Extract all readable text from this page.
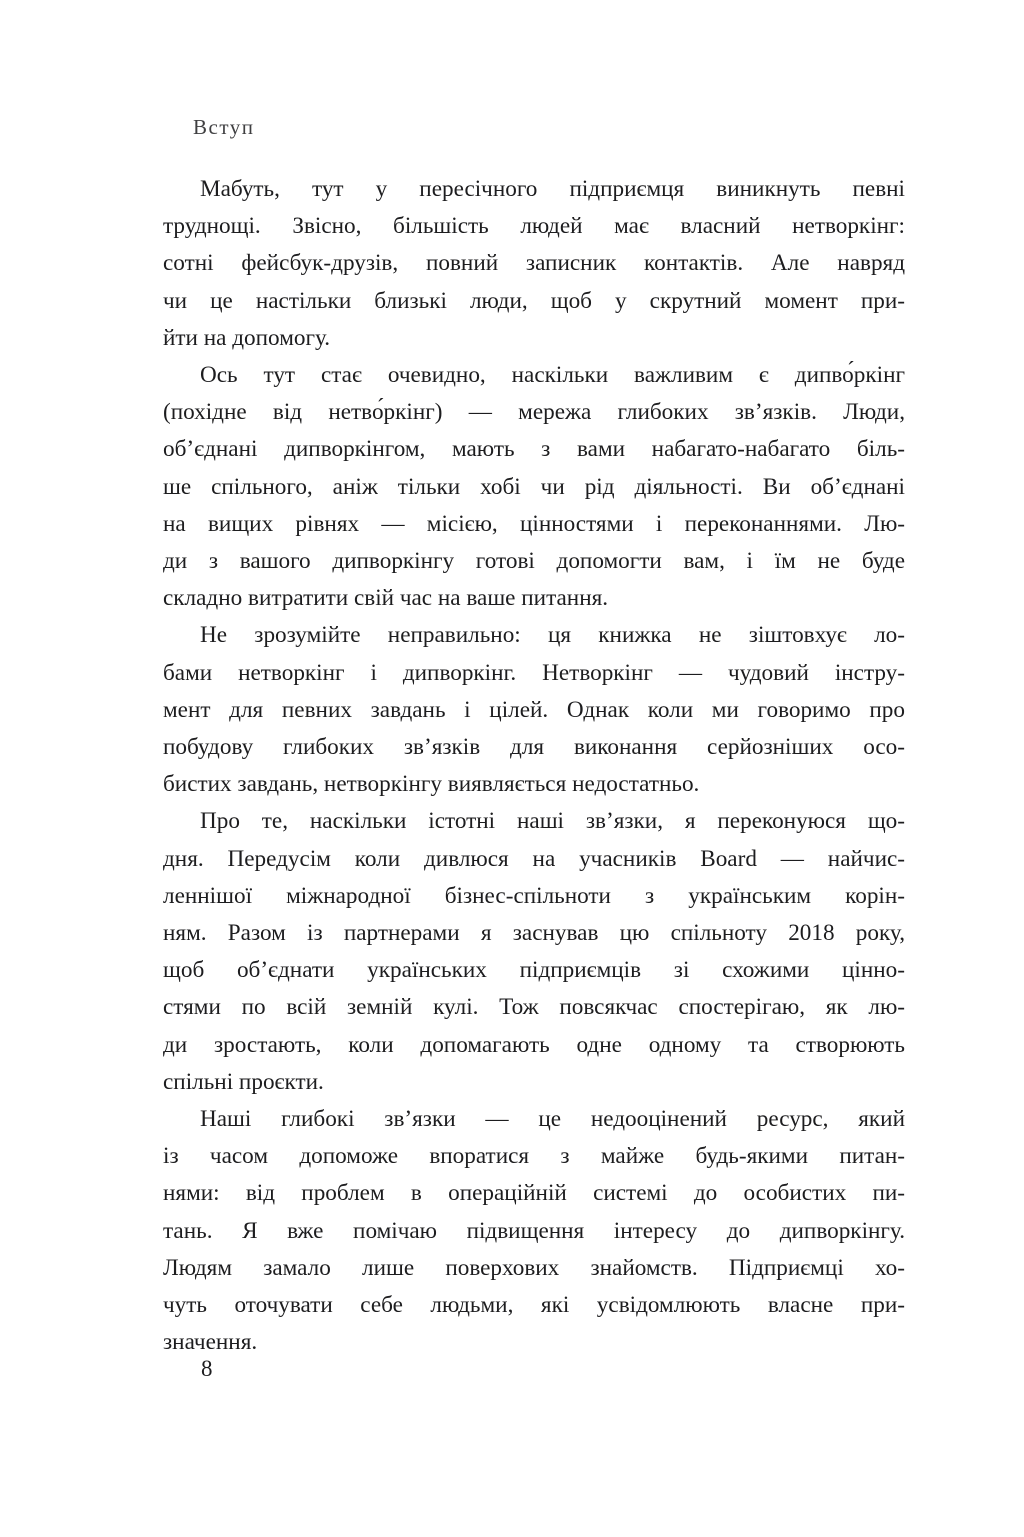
Вступ
Мабуть, тут у пересічного підприємця виникнуть певні
труднощі. Звісно, більшість людей має власний нетворкінг:
сотні фейсбук-друзів, повний записник контактів. Але навряд
чи це настільки близькі люди, щоб у скрутний момент при-
йти на допомогу.
Ось тут стає очевидно, наскільки важливим є дипво́ркінг
(похідне від нетво́ркінг) — мережа глибоких зв’язків. Люди,
об’єднані дипворкінгом, мають з вами набагато-набагато біль-
ше спільного, аніж тільки хобі чи рід діяльності. Ви об’єднані
на вищих рівнях — місією, цінностями і переконаннями. Лю-
ди з вашого дипворкінгу готові допомогти вам, і їм не буде
складно витратити свій час на ваше питання.
Не зрозумійте неправильно: ця книжка не зіштовхує ло-
бами нетворкінг і дипворкінг. Нетворкінг — чудовий інстру-
мент для певних завдань і цілей. Однак коли ми говоримо про
побудову глибоких зв’язків для виконання серйозніших осо-
бистих завдань, нетворкінгу виявляється недостатньо.
Про те, наскільки істотні наші зв’язки, я переконуюся що-
дня. Передусім коли дивлюся на учасників Board — найчис-
леннішої міжнародної бізнес-спільноти з українським корін-
ням. Разом із партнерами я заснував цю спільноту 2018 року,
щоб об’єднати українських підприємців зі схожими цінно-
стями по всій земній кулі. Тож повсякчас спостерігаю, як лю-
ди зростають, коли допомагають одне одному та створюють
спільні проєкти.
Наші глибокі зв’язки — це недооцінений ресурс, який
із часом допоможе впоратися з майже будь-якими питан-
нями: від проблем в операційній системі до особистих пи-
тань. Я вже помічаю підвищення інтересу до дипворкінгу.
Людям замало лише поверхових знайомств. Підприємці хо-
чуть оточувати себе людьми, які усвідомлюють власне при-
значення.
8
